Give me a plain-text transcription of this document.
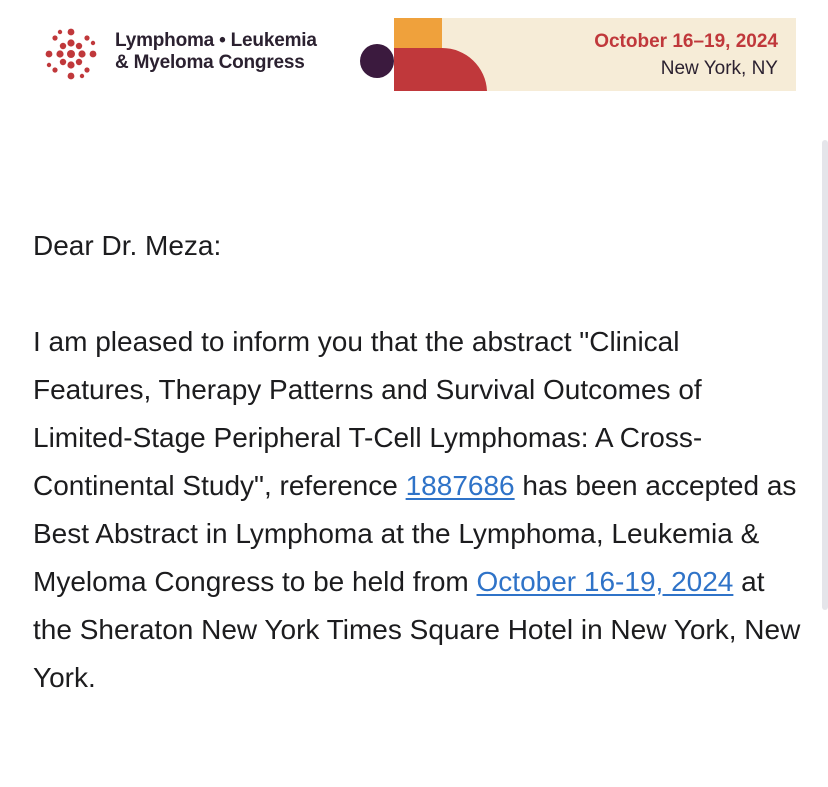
Lymphoma • Leukemia
& Myeloma Congress
October 16–19, 2024
New York, NY

Dear Dr. Meza:

I am pleased to inform you that the abstract "Clinical Features, Therapy Patterns and Survival Outcomes of Limited-Stage Peripheral T-Cell Lymphomas: A Cross-Continental Study", reference 1887686 has been accepted as Best Abstract in Lymphoma at the Lymphoma, Leukemia & Myeloma Congress to be held from October 16-19, 2024 at the Sheraton New York Times Square Hotel in New York, New York.
